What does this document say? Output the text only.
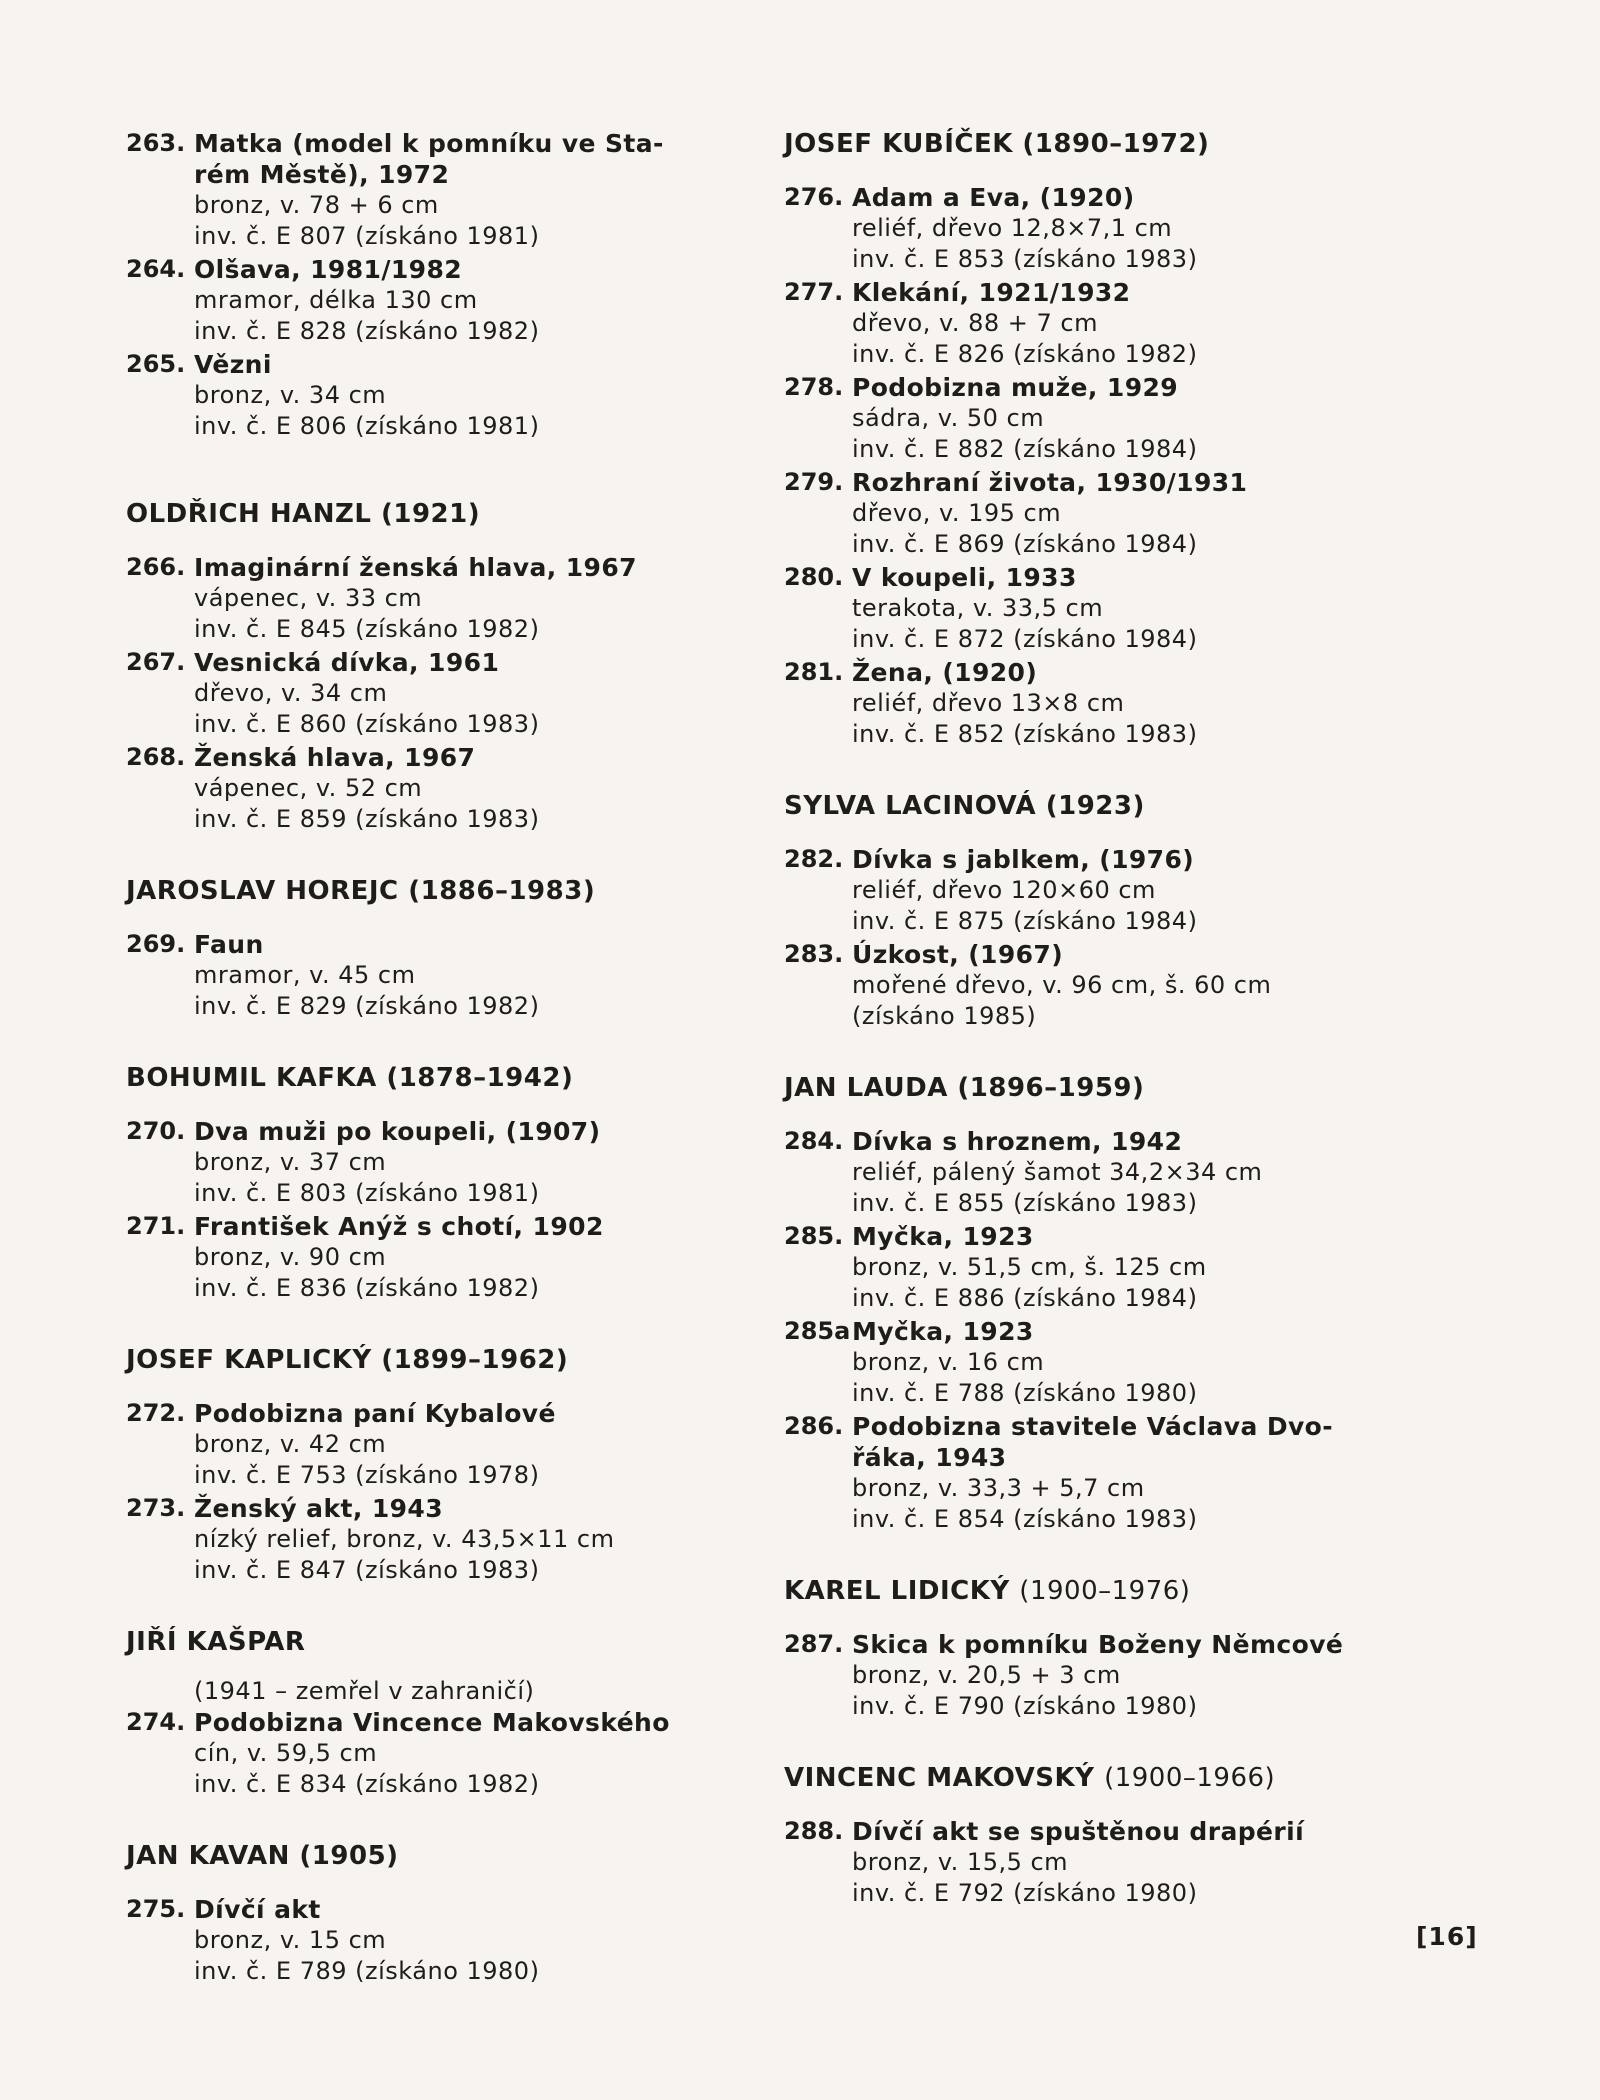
263. Matka (model k pomníku ve Sta-
rém Městě), 1972
bronz, v. 78 + 6 cm
inv. č. E 807 (získáno 1981)
264. Olšava, 1981/1982
mramor, délka 130 cm
inv. č. E 828 (získáno 1982)
265. Vězni
bronz, v. 34 cm
inv. č. E 806 (získáno 1981)
OLDŘICH HANZL (1921)
266. Imaginární ženská hlava, 1967
vápenec, v. 33 cm
inv. č. E 845 (získáno 1982)
267. Vesnická dívka, 1961
dřevo, v. 34 cm
inv. č. E 860 (získáno 1983)
268. Ženská hlava, 1967
vápenec, v. 52 cm
inv. č. E 859 (získáno 1983)
JAROSLAV HOREJC (1886–1983)
269. Faun
mramor, v. 45 cm
inv. č. E 829 (získáno 1982)
BOHUMIL KAFKA (1878–1942)
270. Dva muži po koupeli, (1907)
bronz, v. 37 cm
inv. č. E 803 (získáno 1981)
271. František Anýž s chotí, 1902
bronz, v. 90 cm
inv. č. E 836 (získáno 1982)
JOSEF KAPLICKÝ (1899–1962)
272. Podobizna paní Kybalové
bronz, v. 42 cm
inv. č. E 753 (získáno 1978)
273. Ženský akt, 1943
nízký relief, bronz, v. 43,5×11 cm
inv. č. E 847 (získáno 1983)
JIŘÍ KAŠPAR
(1941 – zemřel v zahraničí)
274. Podobizna Vincence Makovského
cín, v. 59,5 cm
inv. č. E 834 (získáno 1982)
JAN KAVAN (1905)
275. Dívčí akt
bronz, v. 15 cm
inv. č. E 789 (získáno 1980)
JOSEF KUBÍČEK (1890–1972)
276. Adam a Eva, (1920)
reliéf, dřevo 12,8×7,1 cm
inv. č. E 853 (získáno 1983)
277. Klekání, 1921/1932
dřevo, v. 88 + 7 cm
inv. č. E 826 (získáno 1982)
278. Podobizna muže, 1929
sádra, v. 50 cm
inv. č. E 882 (získáno 1984)
279. Rozhraní života, 1930/1931
dřevo, v. 195 cm
inv. č. E 869 (získáno 1984)
280. V koupeli, 1933
terakota, v. 33,5 cm
inv. č. E 872 (získáno 1984)
281. Žena, (1920)
reliéf, dřevo 13×8 cm
inv. č. E 852 (získáno 1983)
SYLVA LACINOVÁ (1923)
282. Dívka s jablkem, (1976)
reliéf, dřevo 120×60 cm
inv. č. E 875 (získáno 1984)
283. Úzkost, (1967)
mořené dřevo, v. 96 cm, š. 60 cm
(získáno 1985)
JAN LAUDA (1896–1959)
284. Dívka s hroznem, 1942
reliéf, pálený šamot 34,2×34 cm
inv. č. E 855 (získáno 1983)
285. Myčka, 1923
bronz, v. 51,5 cm, š. 125 cm
inv. č. E 886 (získáno 1984)
285a Myčka, 1923
bronz, v. 16 cm
inv. č. E 788 (získáno 1980)
286. Podobizna stavitele Václava Dvo-
řáka, 1943
bronz, v. 33,3 + 5,7 cm
inv. č. E 854 (získáno 1983)
KAREL LIDICKÝ (1900–1976)
287. Skica k pomníku Boženy Němcové
bronz, v. 20,5 + 3 cm
inv. č. E 790 (získáno 1980)
VINCENC MAKOVSKÝ (1900–1966)
288. Dívčí akt se spuštěnou drapérií
bronz, v. 15,5 cm
inv. č. E 792 (získáno 1980)
[16]
